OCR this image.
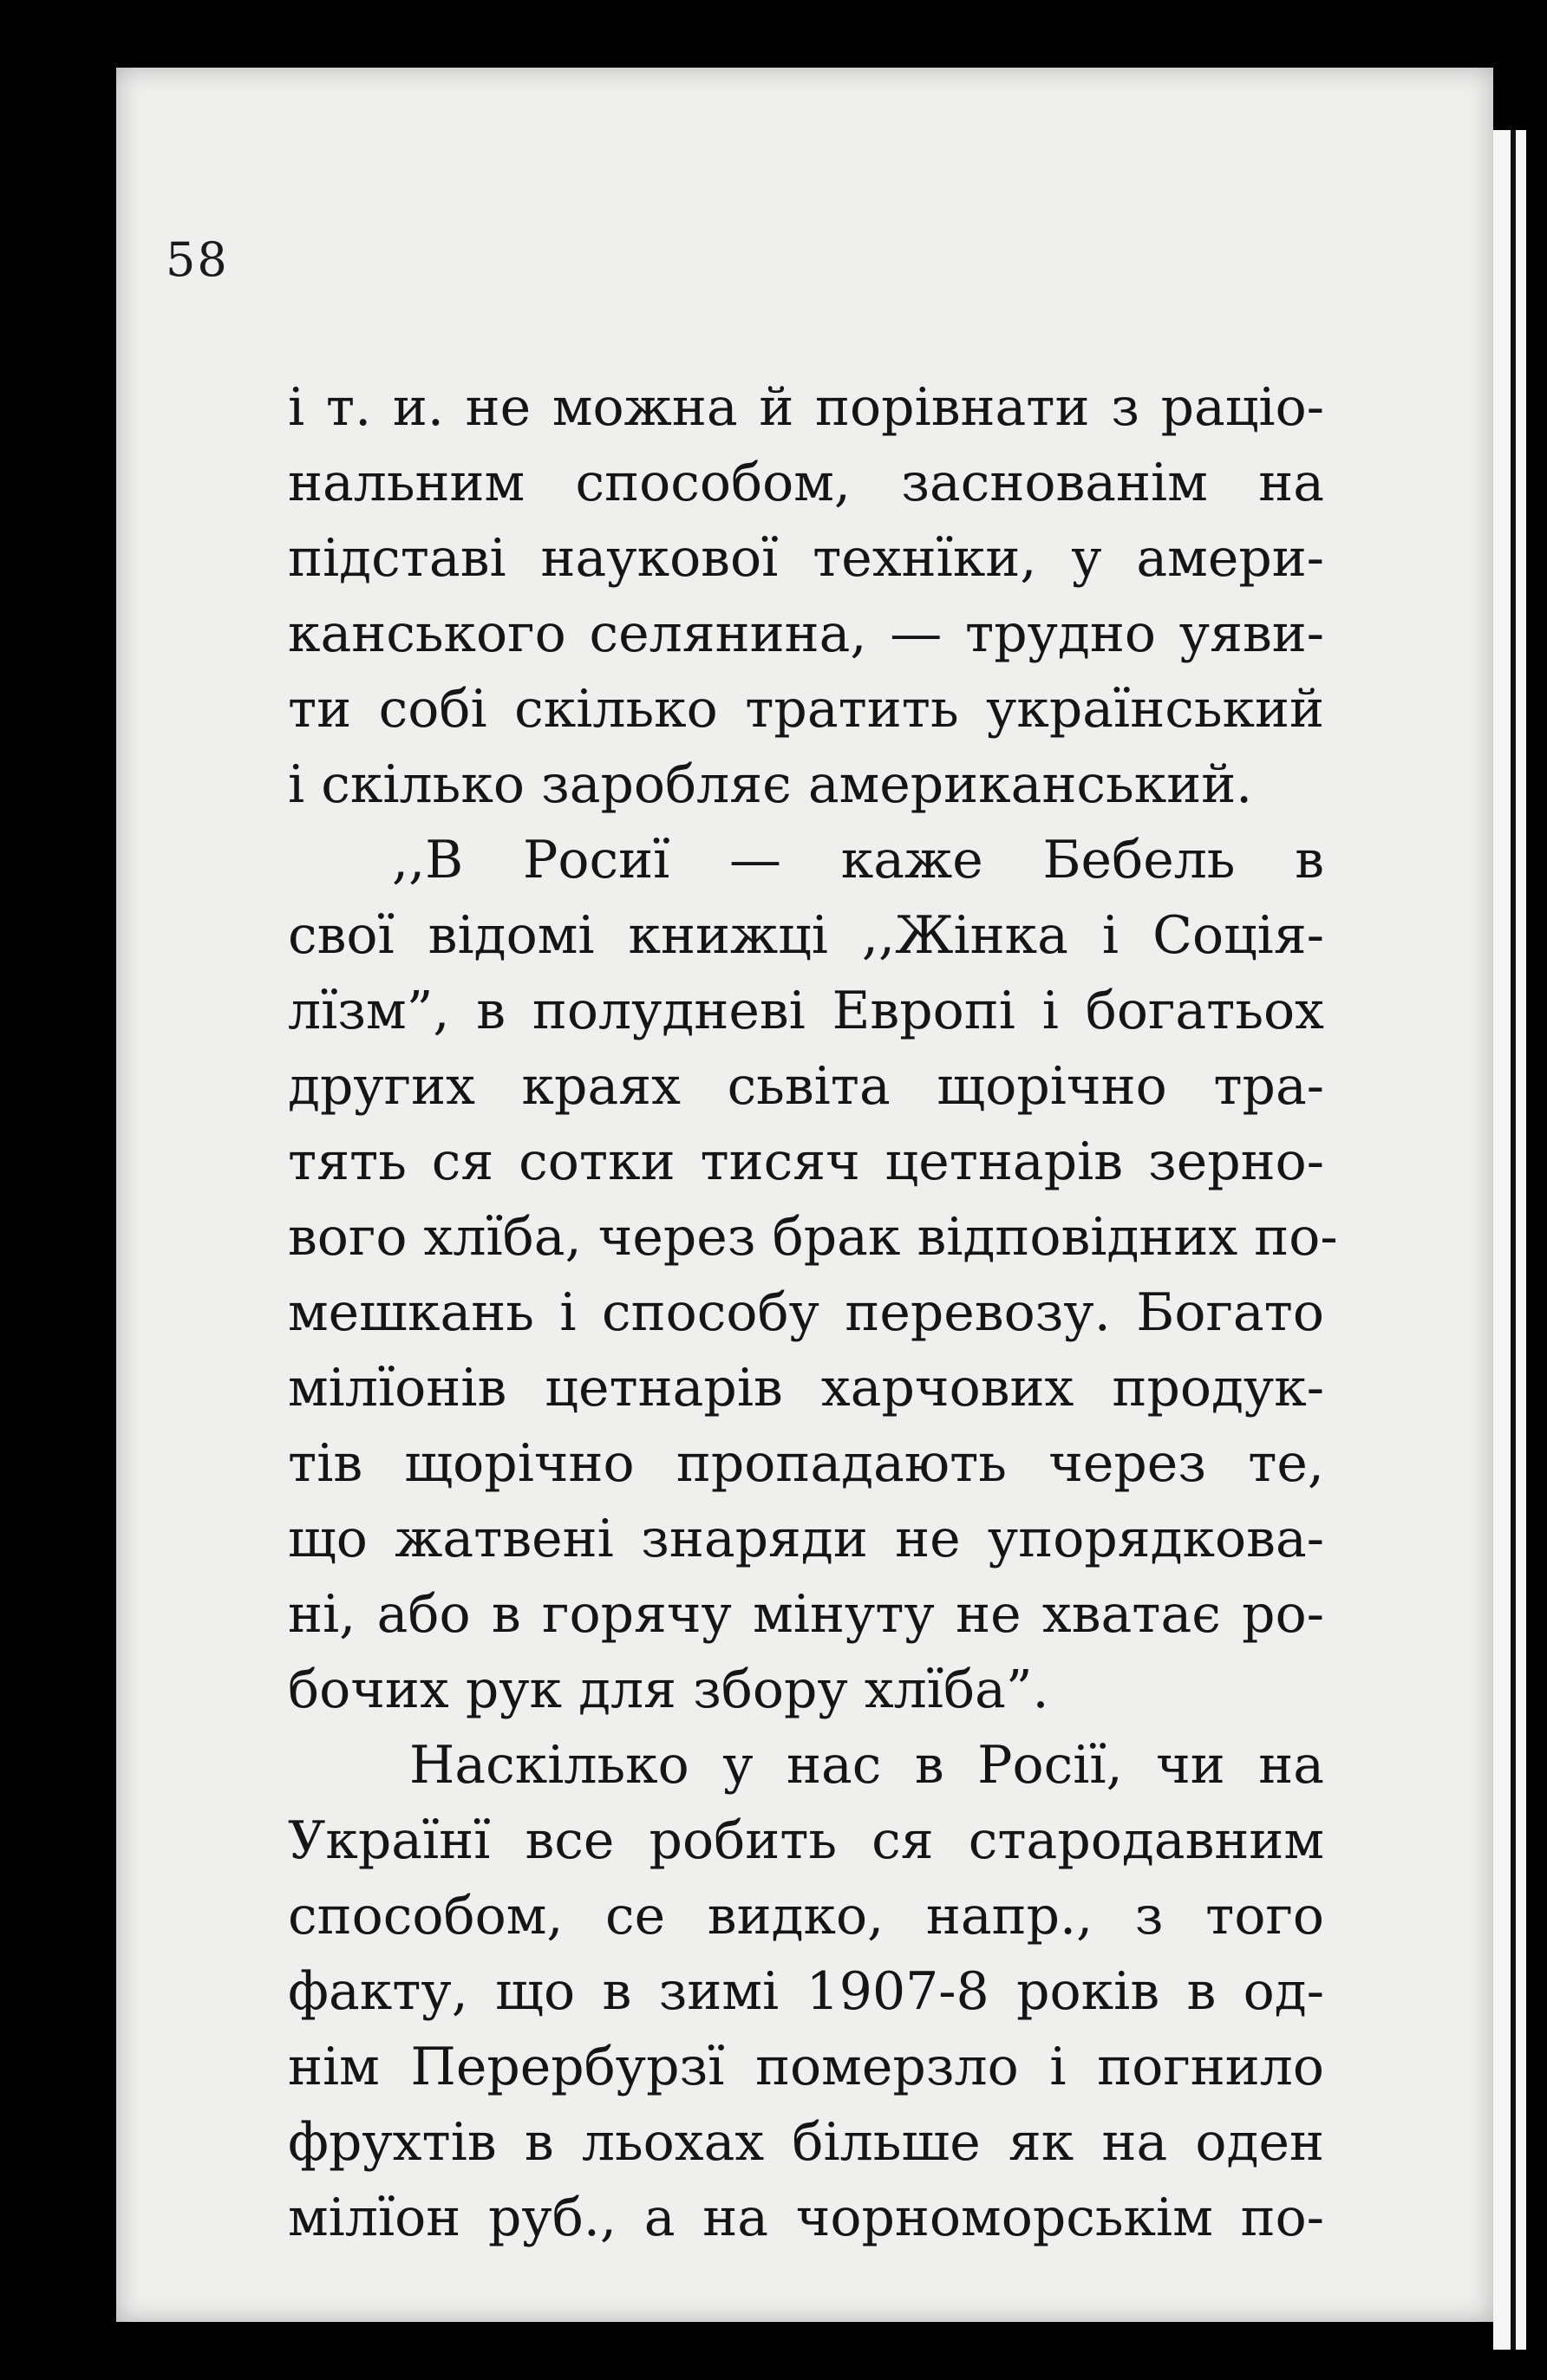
58
і т. и. не можна й порівнати з раціо-
нальним способом, заснованім на
підставі наукової технїки, у амери-
канського селянина, — трудно уяви-
ти собі скілько тратить український
і скілько заробляє американський.
,,В Росиї — каже Бебель в
свої відомі книжці ,,Жінка і Соція-
лїзм”, в полудневі Европі і богатьох
других краях сьвіта щорічно тра-
тять ся сотки тисяч цетнарів зерно-
вого хлїба, через брак відповідних по-
мешкань і способу перевозу. Богато
мілїонів цетнарів харчових продук-
тів щорічно пропадають через те,
що жатвені знаряди не упорядкова-
ні, або в горячу мінуту не хватає ро-
бочих рук для збору хлїба”.
Наскілько у нас в Росії, чи на
Українї все робить ся стародавним
способом, се видко, напр., з того
факту, що в зимі 1907-8 років в од-
нім Перербурзї померзло і погнило
фрухтів в льохах більше як на оден
мілїон руб., а на чорноморськім по-
